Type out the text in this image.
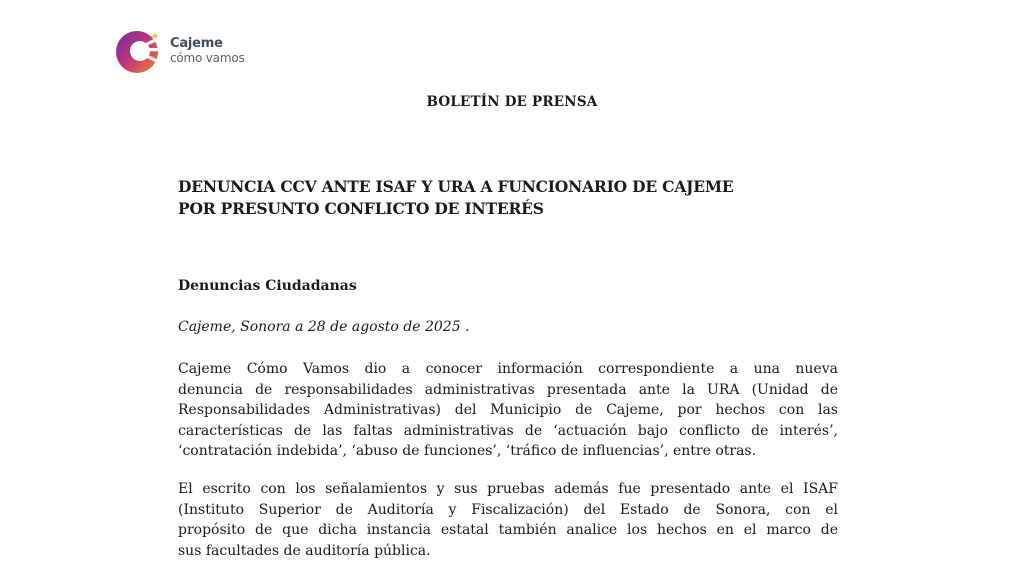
Cajeme
cómo vamos
BOLETÍN DE PRENSA
DENUNCIA CCV ANTE ISAF Y URA A FUNCIONARIO DE CAJEME
POR PRESUNTO CONFLICTO DE INTERÉS
Denuncias Ciudadanas
Cajeme, Sonora a 28 de agosto de 2025 .
Cajeme Cómo Vamos dio a conocer información correspondiente a una nueva
denuncia de responsabilidades administrativas presentada ante la URA (Unidad de
Responsabilidades Administrativas) del Municipio de Cajeme, por hechos con las
características de las faltas administrativas de ‘actuación bajo conflicto de interés’,
‘contratación indebida’, ‘abuso de funciones’, ‘tráfico de influencias’, entre otras.
El escrito con los señalamientos y sus pruebas además fue presentado ante el ISAF
(Instituto Superior de Auditoría y Fiscalización) del Estado de Sonora, con el
propósito de que dicha instancia estatal también analice los hechos en el marco de
sus facultades de auditoría pública.
